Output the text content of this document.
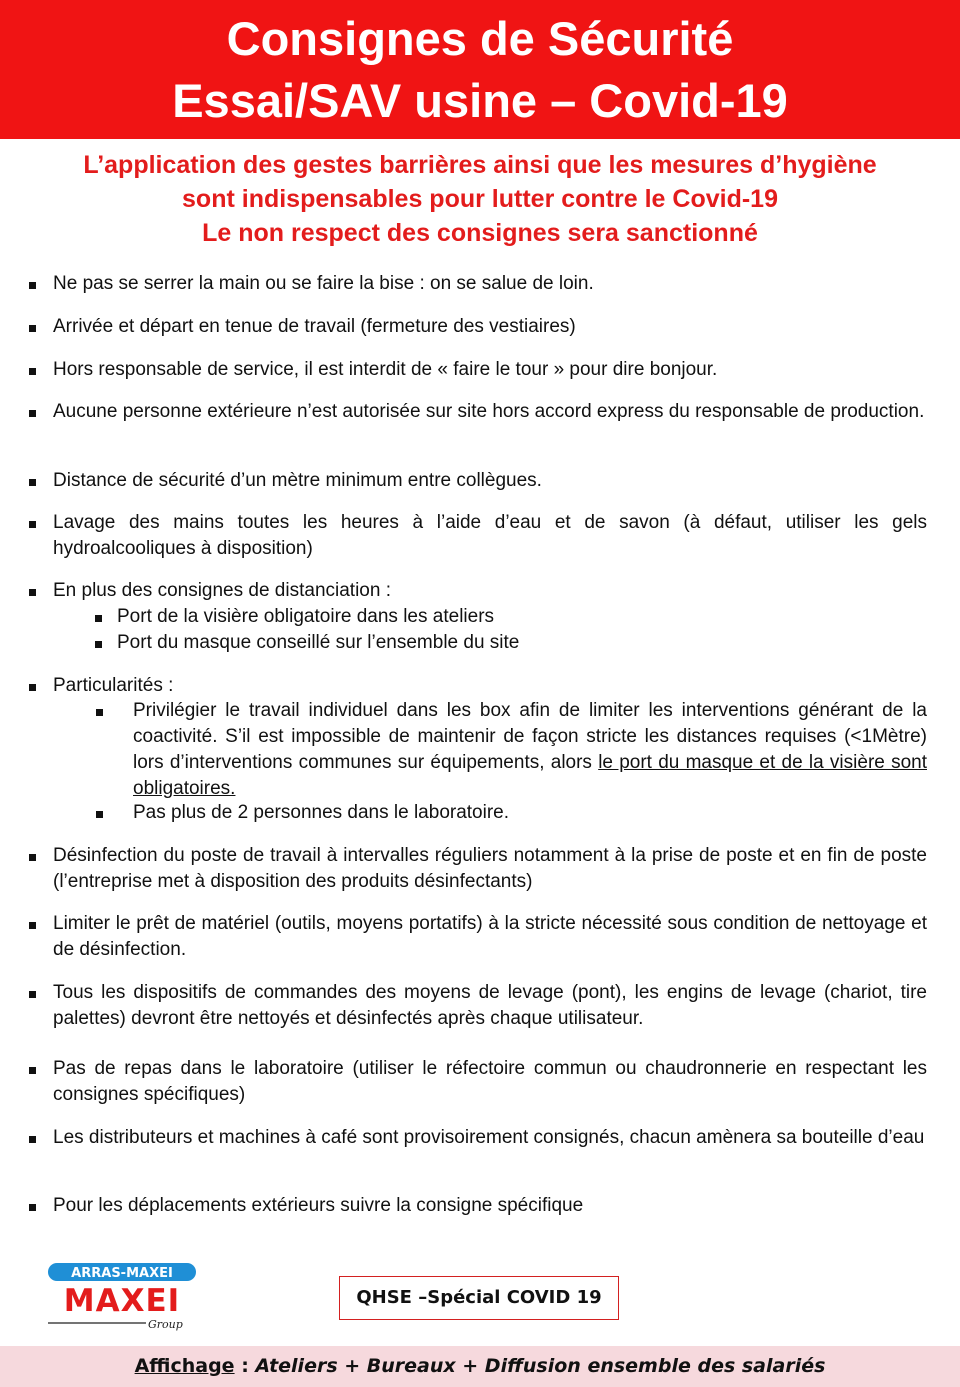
Consignes de Sécurité
Essai/SAV usine – Covid-19
L’application des gestes barrières ainsi que les mesures d’hygiène
sont indispensables pour lutter contre le Covid-19
Le non respect des consignes sera sanctionné
Ne pas se serrer la main ou se faire la bise : on se salue de loin.
Arrivée et départ en tenue de travail (fermeture des vestiaires)
Hors responsable de service, il est interdit de « faire le tour » pour dire bonjour.
Aucune personne extérieure n’est autorisée sur site hors accord express du responsable de production.
Distance de sécurité d’un mètre minimum entre collègues.
Lavage des mains toutes les heures à l’aide d’eau et de savon (à défaut, utiliser les gels hydroalcooliques à disposition)
En plus des consignes de distanciation :
Port de la visière obligatoire dans les ateliers
Port du masque conseillé sur l’ensemble du site
Particularités :
Privilégier le travail individuel dans les box afin de limiter les interventions générant de la coactivité. S’il est impossible de maintenir de façon stricte les distances requises (<1Mètre) lors d’interventions communes sur équipements, alors le port du masque et de la visière sont obligatoires.
Pas plus de 2 personnes dans le laboratoire.
Désinfection du poste de travail à intervalles réguliers notamment à la prise de poste et en fin de poste (l’entreprise met à disposition des produits désinfectants)
Limiter le prêt de matériel (outils, moyens portatifs) à la stricte nécessité sous condition de nettoyage et de désinfection.
Tous les dispositifs de commandes des moyens de levage (pont), les engins de levage (chariot, tire palettes) devront être nettoyés et désinfectés après chaque utilisateur.
Pas de repas dans le laboratoire (utiliser le réfectoire commun ou chaudronnerie en respectant les consignes spécifiques)
Les distributeurs et machines à café sont provisoirement consignés, chacun amènera sa bouteille d’eau
Pour les déplacements extérieurs suivre la consigne spécifique
ARRAS-MAXEI
MAXEI
Group
QHSE –Spécial COVID 19
Affichage : Ateliers + Bureaux + Diffusion ensemble des salariés
